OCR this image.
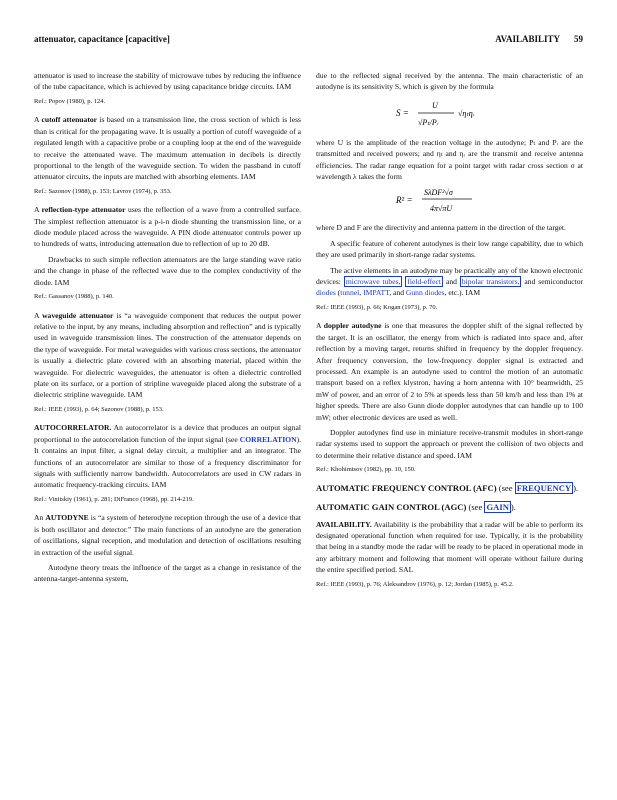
attenuator, capacitance [capacitive]	AVAILABILITY 59

attenuator is used to increase the stability of microwave tubes by reducing the influence of the tube capacitance, which is achieved by using capacitance bridge circuits. IAM

Ref.: Popov (1980), p. 124.

A cutoff attenuator is based on a transmission line, the cross section of which is less than is critical for the propagating wave. It is usually a portion of cutoff waveguide of a regulated length with a capacitive probe or a coupling loop at the end of the waveguide to receive the attenuated wave. The maximum attenuation in decibels is directly proportional to the length of the waveguide section. To widen the passband in cutoff attenuator circuits, the inputs are matched with absorbing elements. IAM

Ref.: Sazonov (1988), p. 153; Lavrov (1974), p. 353.

A reflection-type attenuator uses the reflection of a wave from a controlled surface. The simplest reflection attenuator is a p-i-n diode shunting the transmission line, or a diode module placed across the waveguide. A PIN diode attenuator controls power up to hundreds of watts, introducing attenuation due to reflection of up to 20 dB.

Drawbacks to such simple reflection attenuators are the large standing wave ratio and the change in phase of the reflected wave due to the complex conductivity of the diode. IAM

Ref.: Gassanov (1988), p. 140.

A waveguide attenuator is “a waveguide component that reduces the output power relative to the input, by any means, including absorption and reflection” and is typically used in waveguide transmission lines. The construction of the attenuator depends on the type of waveguide. For metal waveguides with various cross sections, the attenuator is usually a dielectric plate covered with an absorbing material, placed within the waveguide. For dielectric waveguides, the attenuator is often a dielectric controlled plate on its surface, or a portion of stripline waveguide placed along the substrate of a dielectric stripline waveguide. IAM

Ref.: IEEE (1993), p. 64; Sazonov (1988), p. 153.

AUTOCORRELATOR. An autocorrelator is a device that produces an output signal proportional to the autocorrelation function of the input signal (see CORRELATION). It contains an input filter, a signal delay circuit, a multiplier and an integrator. The functions of an autocorrelator are similar to those of a frequency discriminator for signals with sufficiently narrow bandwidth. Autocorrelators are used in CW radars in automatic frequency-tracking circuits. IAM

Ref.: Vinitskiy (1961), p. 281; DiFranco (1968), pp. 214-219.

An AUTODYNE is “a system of heterodyne reception through the use of a device that is both oscillator and detector.” The main functions of an autodyne are the generation of oscillations, signal reception, and modulation and detection of oscillations resulting in extraction of the useful signal.

Autodyne theory treats the influence of the target as a change in resistance of the antenna-target-antenna system,

due to the reflected signal received by the antenna. The main characteristic of an autodyne is its sensitivity S, which is given by the formula

S =
U
√Pₜ/Pᵣ
√ηₜηᵣ

where U is the amplitude of the reaction voltage in the autodyne; Pₜ and Pᵣ are the transmitted and received powers; and ηₜ and ηᵣ are the transmit and receive antenna efficiencies. The radar range equation for a point target with radar cross section σ at wavelength λ takes the form

R² =
SλDF²√σ
4π√πU

where D and F are the directivity and antenna pattern in the direction of the target.

A specific feature of coherent autodynes is their low range capability, due to which they are used primarily in short-range radar systems.

The active elements in an autodyne may be practically any of the known electronic devices: microwave tubes, field-effect and bipolar transistors, and semiconductor diodes (tunnel, IMPATT, and Gunn diodes, etc.). IAM

Ref.: IEEE (1993), p. 66; Kogan (1973), p. 70.

A doppler autodyne is one that measures the doppler shift of the signal reflected by the target. It is an oscillator, the energy from which is radiated into space and, after reflection by a moving target, returns shifted in frequency by the doppler frequency. After frequency conversion, the low-frequency doppler signal is extracted and processed. An example is an autodyne used to control the motion of an automatic transport based on a reflex klystron, having a horn antenna with 10° beamwidth, 25 mW of power, and an error of 2 to 5% at speeds less than 50 km/h and less than 1% at higher speeds. There are also Gunn diode doppler autodynes that can handle up to 100 mW; other electronic devices are used as well.

Doppler autodynes find use in miniature receive-transmit modules in short-range radar systems used to support the approach or prevent the collision of two objects and to determine their relative distance and speed. IAM

Ref.: Khohimtsov (1982), pp. 10, 150.

AUTOMATIC FREQUENCY CONTROL (AFC) (see FREQUENCY ).

AUTOMATIC GAIN CONTROL (AGC) (see GAIN ).

AVAILABILITY. Availability is the probability that a radar will be able to perform its designated operational function when required for use. Typically, it is the probability that being in a standby mode the radar will be ready to be placed in operational mode in any arbitrary moment and following that moment will operate without failure during the entire specified period. SAL

Ref.: IEEE (1993), p. 76; Aleksandrov (1976), p. 12; Jordan (1985), p. 45.2.
